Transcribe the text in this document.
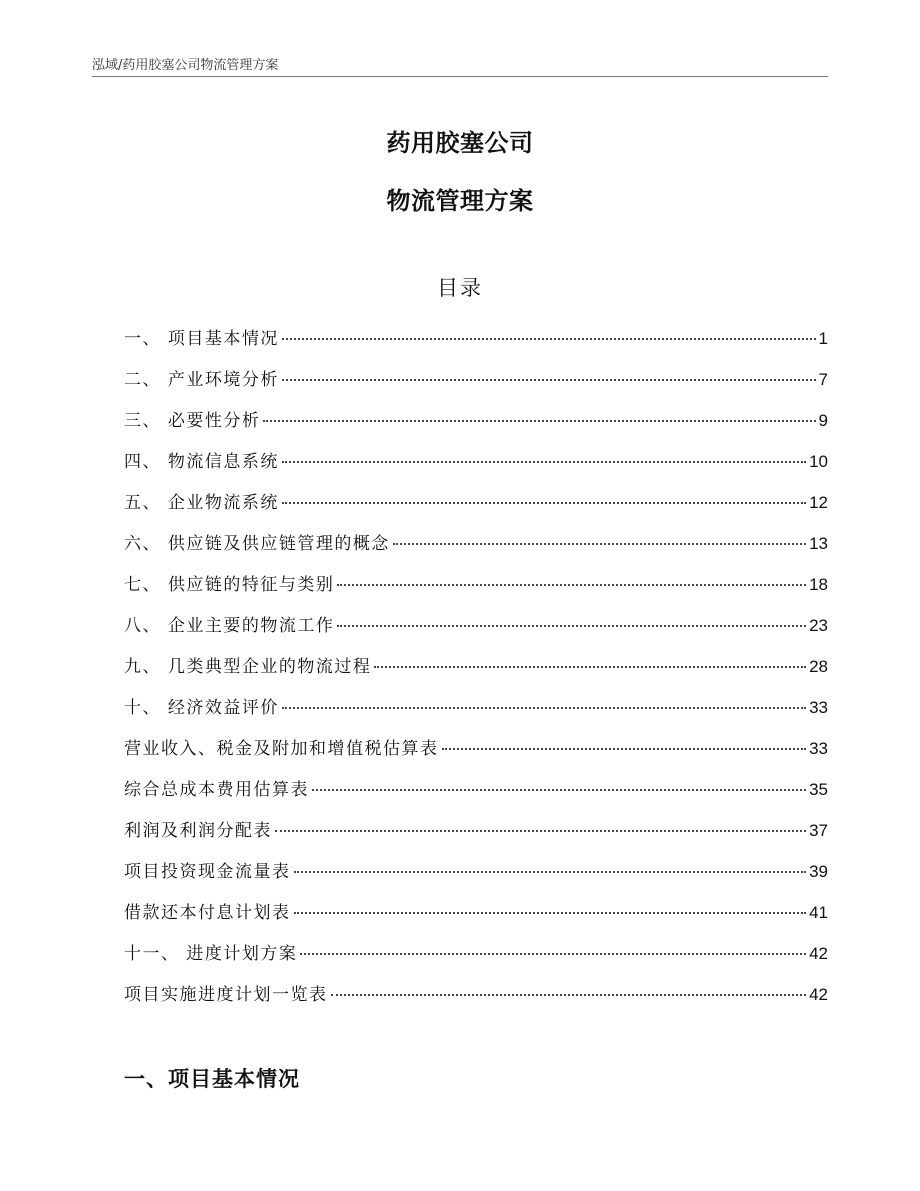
泓域/药用胶塞公司物流管理方案
药用胶塞公司
物流管理方案
目录
一、 项目基本情况	1
二、 产业环境分析	7
三、 必要性分析	9
四、 物流信息系统	10
五、 企业物流系统	12
六、 供应链及供应链管理的概念	13
七、 供应链的特征与类别	18
八、 企业主要的物流工作	23
九、 几类典型企业的物流过程	28
十、 经济效益评价	33
营业收入、税金及附加和增值税估算表	33
综合总成本费用估算表	35
利润及利润分配表	37
项目投资现金流量表	39
借款还本付息计划表	41
十一、 进度计划方案	42
项目实施进度计划一览表	42
一、项目基本情况
